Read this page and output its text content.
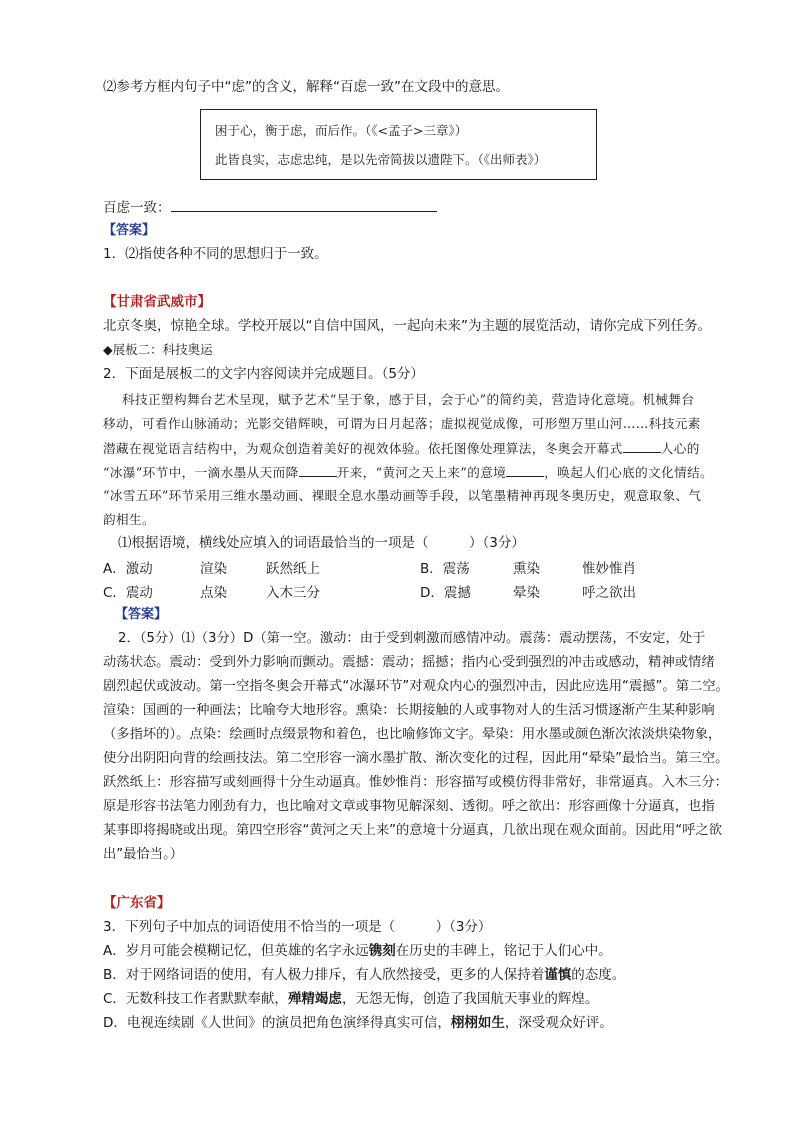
⑵参考方框内句子中“虑”的含义，解释“百虑一致”在文段中的意思。
困于心，衡于虑，而后作。（《<孟子>三章》）
此皆良实，志虑忠纯，是以先帝简拔以遗陛下。（《出师表》）
百虑一致：
【答案】
1．⑵指使各种不同的思想归于一致。
【甘肃省武威市】
北京冬奥，惊艳全球。学校开展以“自信中国风，一起向未来”为主题的展览活动，请你完成下列任务。
◆展板二：科技奥运
2．下面是展板二的文字内容阅读并完成题目。（5分）
科技正塑构舞台艺术呈现，赋予艺术“呈于象，感于目，会于心”的简约美，营造诗化意境。机械舞台
移动，可看作山脉涌动；光影交错辉映，可谓为日月起落；虚拟视觉成像，可形塑万里山河……科技元素
潜藏在视觉语言结构中，为观众创造着美好的视效体验。依托图像处理算法，冬奥会开幕式	人心的
“冰瀑”环节中，一滴水墨从天而降	开来，“黄河之天上来”的意境	，唤起人们心底的文化情结。
“冰雪五环”环节采用三维水墨动画、裸眼全息水墨动画等手段，以笔墨精神再现冬奥历史，观意取象、气
韵相生。
⑴根据语境，横线处应填入的词语最恰当的一项是（　　　）（3分）
A．激动	渲染	跃然纸上	B．震荡	熏染	惟妙惟肖
C．震动	点染	入木三分	D．震撼	晕染	呼之欲出
【答案】
2．（5分）⑴（3分）D（第一空。激动：由于受到刺激而感情冲动。震荡：震动摆荡，不安定，处于
动荡状态。震动：受到外力影响而颤动。震撼：震动；摇撼；指内心受到强烈的冲击或感动，精神或情绪
剧烈起伏或波动。第一空指冬奥会开幕式“冰瀑环节”对观众内心的强烈冲击，因此应选用“震撼”。第二空。
渲染：国画的一种画法；比喻夸大地形容。熏染：长期接触的人或事物对人的生活习惯逐渐产生某种影响
（多指坏的）。点染：绘画时点缀景物和着色，也比喻修饰文字。晕染：用水墨或颜色渐次浓淡烘染物象，
使分出阴阳向背的绘画技法。第二空形容一滴水墨扩散、渐次变化的过程，因此用“晕染”最恰当。第三空。
跃然纸上：形容描写或刻画得十分生动逼真。惟妙惟肖：形容描写或模仿得非常好，非常逼真。入木三分：
原是形容书法笔力刚劲有力，也比喻对文章或事物见解深刻、透彻。呼之欲出：形容画像十分逼真，也指
某事即将揭晓或出现。第四空形容“黄河之天上来”的意境十分逼真，几欲出现在观众面前。因此用“呼之欲
出”最恰当。）
【广东省】
3．下列句子中加点的词语使用不恰当的一项是（　　　）（3分）
A．岁月可能会模糊记忆，但英雄的名字永远镌刻在历史的丰碑上，铭记于人们心中。
B．对于网络词语的使用，有人极力排斥，有人欣然接受，更多的人保持着谨慎的态度。
C．无数科技工作者默默奉献，殚精竭虑，无怨无悔，创造了我国航天事业的辉煌。
D．电视连续剧《人世间》的演员把角色演绎得真实可信，栩栩如生，深受观众好评。
